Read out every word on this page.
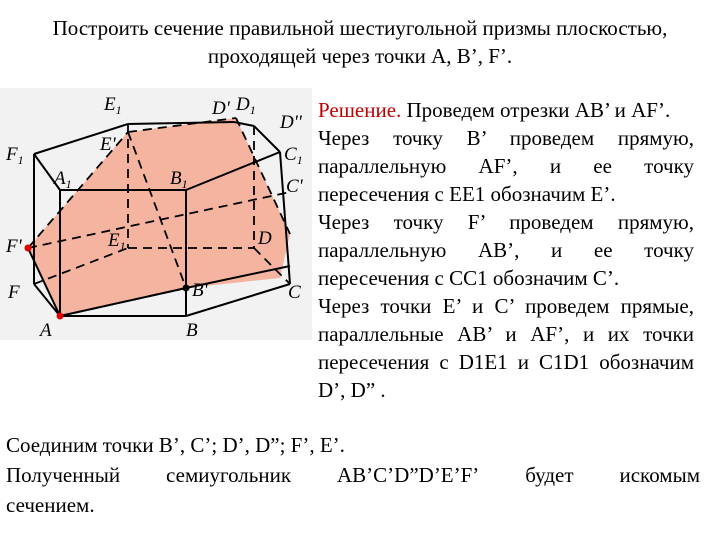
Построить сечение правильной шестиугольной призмы плоскостью,
проходящей через точки A, B’, F’.
$E_1$	D' $D_1$
D''
$F_1$
E'	$C_1$
C'
$A_1$	$B_1$
F'	$E_1$	D
F	B'	C
A	B

Решение. Проведем отрезки AB’ и AF’.

Через точку B’ проведем прямую, параллельную AF’, и ее точку пересечения с EE1 обозначим E’.

Через точку F’ проведем прямую, параллельную AB’, и ее точку пересечения с CC1 обозначим C’.

Через точки E’ и C’ проведем прямые, параллельные AB’ и AF’, и их точки пересечения с D1E1 и C1D1 обозначим D’, D” .

Соединим точки B’, C’; D’, D”; F’, E’.

Полученный семиугольник AB’C’D”D’E’F’ будет искомым

сечением.
